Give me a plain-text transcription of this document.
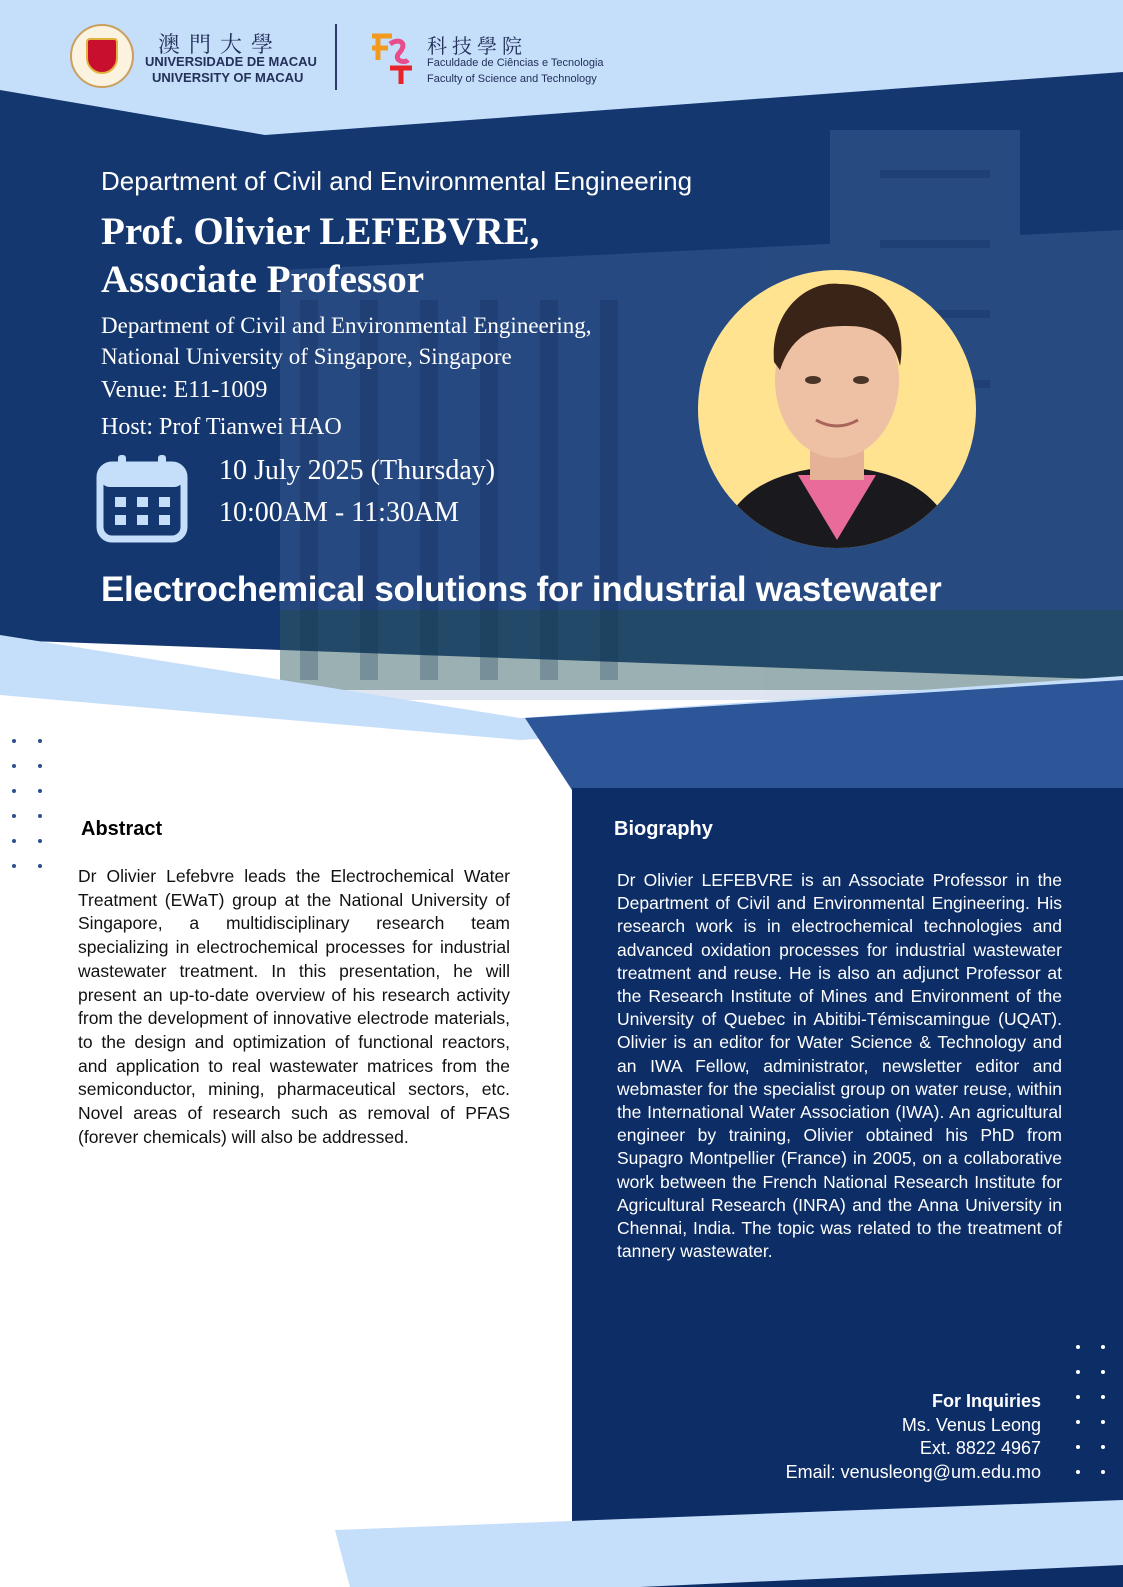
澳門大學
UNIVERSIDADE DE MACAU
UNIVERSITY OF MACAU
科技學院
Faculdade de Ciências e Tecnologia
Faculty of Science and Technology
Department of Civil and Environmental Engineering
Prof. Olivier LEFEBVRE,
Associate Professor
Department of Civil and Environmental Engineering,
National University of Singapore, Singapore
Venue: E11-1009
Host: Prof Tianwei HAO
10 July 2025 (Thursday)
10:00AM - 11:30AM
Electrochemical solutions for industrial wastewater
Abstract
Dr Olivier Lefebvre leads the Electrochemical Water Treatment (EWaT) group at the National University of Singapore, a multidisciplinary research team specializing in electrochemical processes for industrial wastewater treatment. In this presentation, he will present an up-to-date overview of his research activity from the development of innovative electrode materials, to the design and optimization of functional reactors, and application to real wastewater matrices from the semiconductor, mining, pharmaceutical sectors, etc. Novel areas of research such as removal of PFAS (forever chemicals) will also be addressed.
Biography
Dr Olivier LEFEBVRE is an Associate Professor in the Department of Civil and Environmental Engineering. His research work is in electrochemical technologies and advanced oxidation processes for industrial wastewater treatment and reuse. He is also an adjunct Professor at the Research Institute of Mines and Environment of the University of Quebec in Abitibi-Témiscamingue (UQAT). Olivier is an editor for Water Science & Technology and an IWA Fellow, administrator, newsletter editor and webmaster for the specialist group on water reuse, within the International Water Association (IWA). An agricultural engineer by training, Olivier obtained his PhD from Supagro Montpellier (France) in 2005, on a collaborative work between the French National Research Institute for Agricultural Research (INRA) and the Anna University in Chennai, India. The topic was related to the treatment of tannery wastewater.
For Inquiries
Ms. Venus Leong
Ext. 8822 4967
Email: venusleong@um.edu.mo
